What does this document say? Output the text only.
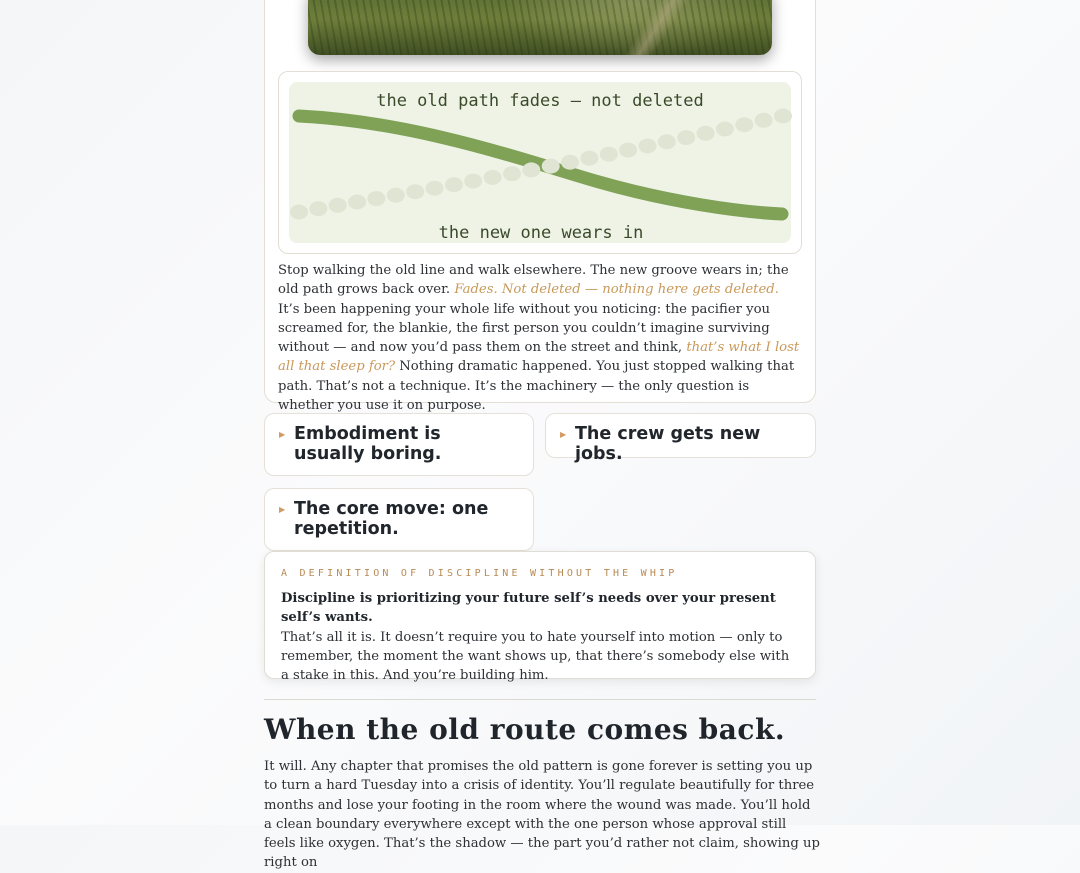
the old path fades — not deleted
the new one wears in
Stop walking the old line and walk elsewhere. The new groove wears in; the old path grows back over. Fades. Not deleted — nothing here gets deleted. It’s been happening your whole life without you noticing: the pacifier you screamed for, the blankie, the first person you couldn’t imagine surviving without — and now you’d pass them on the street and think, that’s what I lost all that sleep for? Nothing dramatic happened. You just stopped walking that path. That’s not a technique. It’s the machinery — the only question is whether you use it on purpose.
▶ Embodiment is usually boring.
▶ The crew gets new jobs.
▶ The core move: one repetition.
A DEFINITION OF DISCIPLINE WITHOUT THE WHIP
Discipline is prioritizing your future self’s needs over your present self’s wants.
That’s all it is. It doesn’t require you to hate yourself into motion — only to remember, the moment the want shows up, that there’s somebody else with a stake in this. And you’re building him.
When the old route comes back.
It will. Any chapter that promises the old pattern is gone forever is setting you up to turn a hard Tuesday into a crisis of identity. You’ll regulate beautifully for three months and lose your footing in the room where the wound was made. You’ll hold a clean boundary everywhere except with the one person whose approval still feels like oxygen. That’s the shadow — the part you’d rather not claim, showing up right on
